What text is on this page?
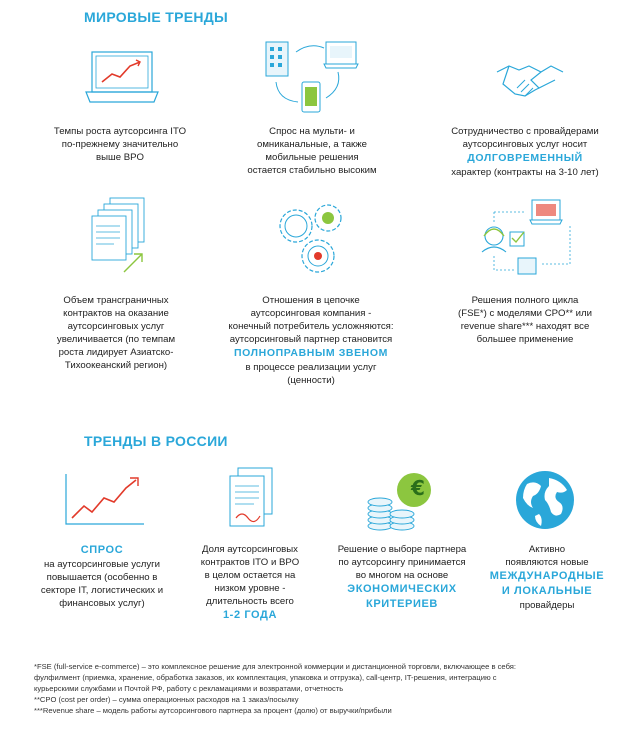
МИРОВЫЕ ТРЕНДЫ
ТРЕНДЫ В РОССИИ
Темпы роста аутсорсинга ITO
по-прежнему значительно
выше BPO
Спрос на мульти- и
омниканальные, а также
мобильные решения
остается стабильно высоким
Сотрудничество с провайдерами
аутсорсинговых услуг носит
ДОЛГОВРЕМЕННЫЙ
характер (контракты на 3-10 лет)
Объем трансграничных
контрактов на оказание
аутсорсинговых услуг
увеличивается (по темпам
роста лидирует Азиатско-
Тихоокеанский регион)
Отношения в цепочке
аутсорсинговая компания -
конечный потребитель усложняются:
аутсорсинговый партнер становится
ПОЛНОПРАВНЫМ ЗВЕНОМ
в процессе реализации услуг
(ценности)
Решения полного цикла
(FSE*) с моделями CPO** или
revenue share*** находят все
большее применение
€
СПРОС
на аутсорсинговые услуги
повышается (особенно в
секторе IT, логистических и
финансовых услуг)
Доля аутсорсинговых
контрактов ITO и BPO
в целом остается на
низком уровне -
длительность всего
1-2 ГОДА
Решение о выборе партнера
по аутсорсингу принимается
во многом на основе
ЭКОНОМИЧЕСКИХ
КРИТЕРИЕВ
Активно
появляются новые
МЕЖДУНАРОДНЫЕ
И ЛОКАЛЬНЫЕ
провайдеры
*FSE (full-service e-commerce) – это комплексное решение для электронной коммерции и дистанционной торговли, включающее в себя:
фулфилмент (приемка, хранение, обработка заказов, их комплектация, упаковка и отгрузка), call-центр, IT-решения, интеграцию с
курьерскими службами и Почтой РФ, работу с рекламациями и возвратами, отчетность
**CPO (cost per order) – сумма операционных расходов на 1 заказ/посылку
***Revenue share – модель работы аутсорсингового партнера за процент (долю) от выручки/прибыли
